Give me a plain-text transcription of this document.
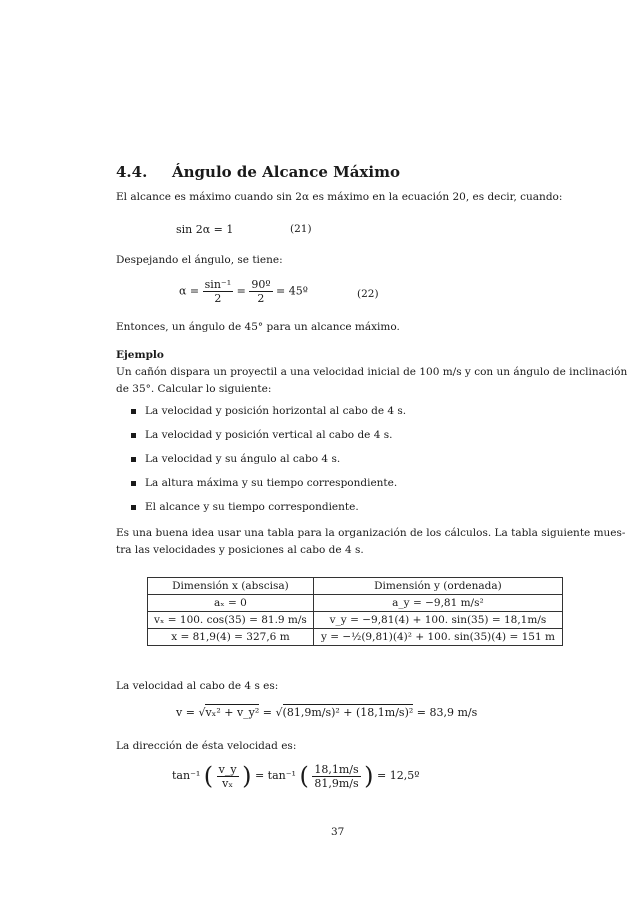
4.4. Ángulo de Alcance Máximo
El alcance es máximo cuando sin 2α es máximo en la ecuación 20, es decir, cuando:
sin 2α = 1	(21)
Despejando el ángulo, se tiene:
$\alpha = \frac{\text{sin⁻¹}}{2} = \frac{\text{90º}}{2}$ = 45º	(22)
Entonces, un ángulo de 45° para un alcance máximo.
Ejemplo
Un cañón dispara un proyectil a una velocidad inicial de 100 m/s y con un ángulo de inclinación
de 35°. Calcular lo siguiente:
La velocidad y posición horizontal al cabo de 4 s.
La velocidad y posición vertical al cabo de 4 s.
La velocidad y su ángulo al cabo 4 s.
La altura máxima y su tiempo correspondiente.
El alcance y su tiempo correspondiente.
Es una buena idea usar una tabla para la organización de los cálculos. La tabla siguiente mues-
tra las velocidades y posiciones al cabo de 4 s.
Dimensión x (abscisa)	Dimensión y (ordenada)
aₓ = 0	a_y = −9,81 m/s²
vₓ = 100. cos(35) = 81.9 m/s	v_y = −9,81(4) + 100. sin(35) = 18,1m/s
x = 81,9(4) = 327,6 m	y = −½(9,81)(4)² + 100. sin(35)(4) = 151 m
La velocidad al cabo de 4 s es:
v = √vₓ² + v_y² = √(81,9m/s)² + (18,1m/s)² = 83,9 m/s
La dirección de ésta velocidad es:
tan⁻¹ ( $\frac{v\_y}{\text{vₓ}}$ ) = tan⁻¹ ( $\frac{18,1m/s}{81,9m/s}$ ) = 12,5º
37
